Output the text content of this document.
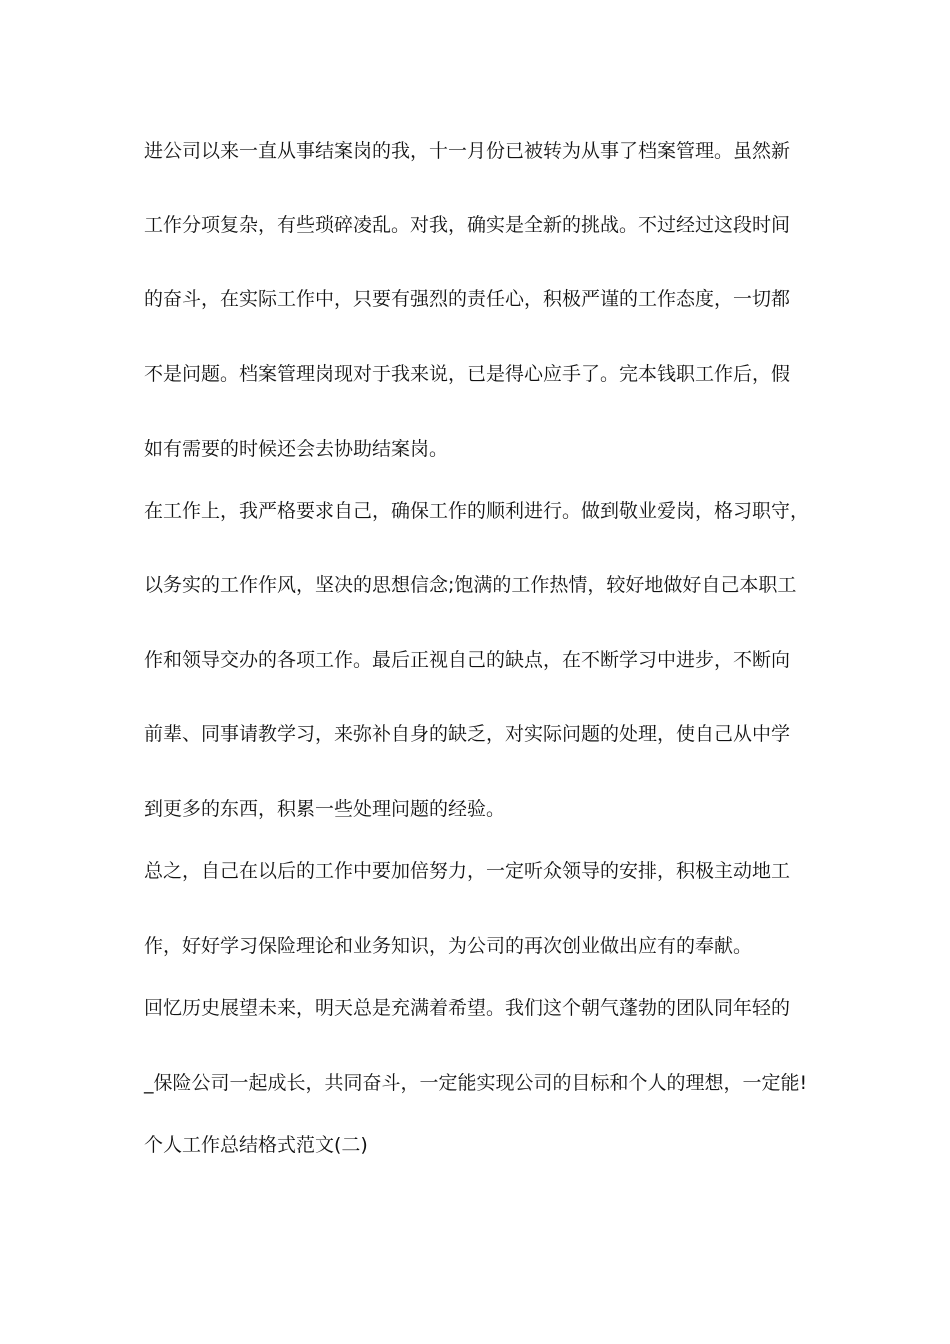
进公司以来一直从事结案岗的我，十一月份已被转为从事了档案管理。虽然新
工作分项复杂，有些琐碎凌乱。对我，确实是全新的挑战。不过经过这段时间
的奋斗，在实际工作中，只要有强烈的责任心，积极严谨的工作态度，一切都
不是问题。档案管理岗现对于我来说，已是得心应手了。完本钱职工作后，假
如有需要的时候还会去协助结案岗。
在工作上，我严格要求自己，确保工作的顺利进行。做到敬业爱岗，格习职守，
以务实的工作作风，坚决的思想信念;饱满的工作热情，较好地做好自己本职工
作和领导交办的各项工作。最后正视自己的缺点，在不断学习中进步，不断向
前辈、同事请教学习，来弥补自身的缺乏，对实际问题的处理，使自己从中学
到更多的东西，积累一些处理问题的经验。
总之，自己在以后的工作中要加倍努力，一定听众领导的安排，积极主动地工
作，好好学习保险理论和业务知识，为公司的再次创业做出应有的奉献。
回忆历史展望未来，明天总是充满着希望。我们这个朝气蓬勃的团队同年轻的
_保险公司一起成长，共同奋斗，一定能实现公司的目标和个人的理想，一定能!
个人工作总结格式范文(二)
